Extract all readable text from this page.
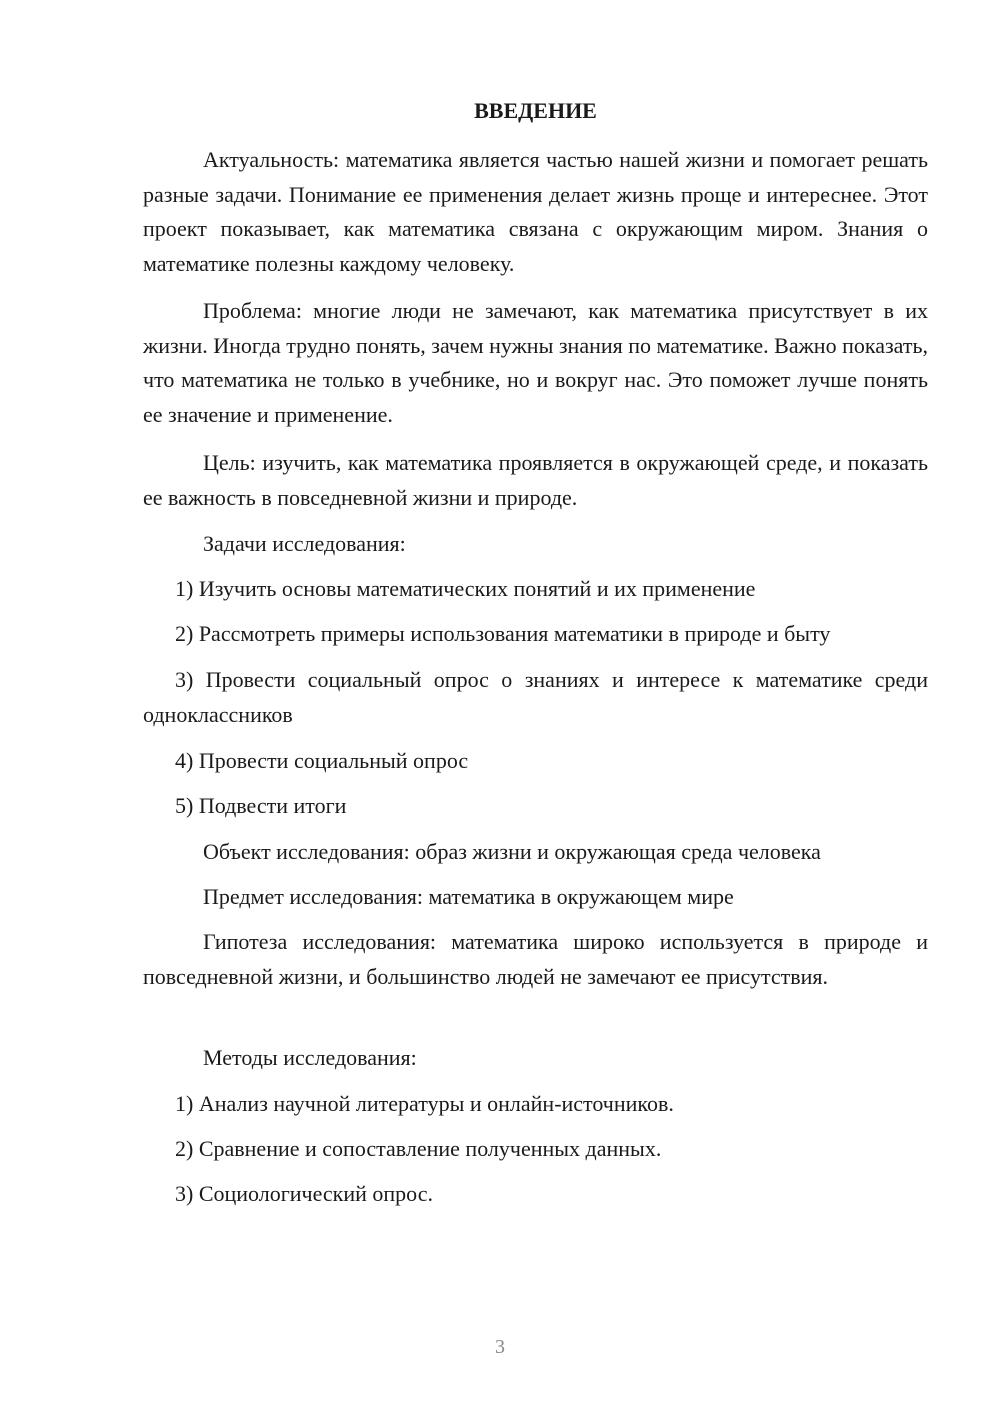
ВВЕДЕНИЕ

Актуальность: математика является частью нашей жизни и помогает решать разные задачи. Понимание ее применения делает жизнь проще и интереснее. Этот проект показывает, как математика связана с окружающим миром. Знания о математике полезны каждому человеку.

Проблема: многие люди не замечают, как математика присутствует в их жизни. Иногда трудно понять, зачем нужны знания по математике. Важно показать, что математика не только в учебнике, но и вокруг нас. Это поможет лучше понять ее значение и применение.

Цель: изучить, как математика проявляется в окружающей среде, и показать ее важность в повседневной жизни и природе.

Задачи исследования:

1) Изучить основы математических понятий и их применение

2) Рассмотреть примеры использования математики в природе и быту

3) Провести социальный опрос о знаниях и интересе к математике среди одноклассников

4) Провести социальный опрос

5) Подвести итоги

Объект исследования: образ жизни и окружающая среда человека

Предмет исследования: математика в окружающем мире

Гипотеза исследования: математика широко используется в природе и повседневной жизни, и большинство людей не замечают ее присутствия.

Методы исследования:

1) Анализ научной литературы и онлайн-источников.

2) Сравнение и сопоставление полученных данных.

3) Социологический опрос.

3
